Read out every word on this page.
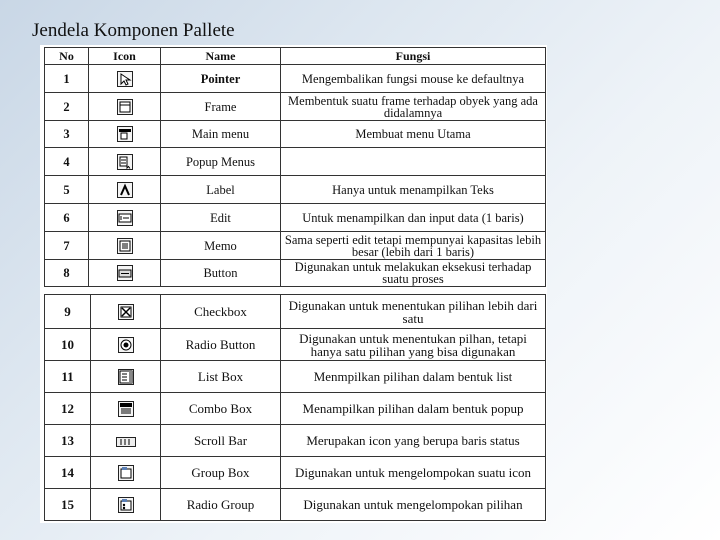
Jendela Komponen Pallete
No	Icon	Name	Fungsi
1		Pointer	Mengembalikan fungsi mouse ke defaultnya
2		Frame	Membentuk suatu frame terhadap obyek yang ada didalamnya
3		Main menu	Membuat menu Utama
4		Popup Menus	
5		Label	Hanya untuk menampilkan Teks
6		Edit	Untuk menampilkan dan input data (1 baris)
7		Memo	Sama seperti edit tetapi mempunyai kapasitas lebih besar (lebih dari 1 baris)
8		Button	Digunakan untuk melakukan eksekusi terhadap suatu proses
9		Checkbox	Digunakan untuk menentukan pilihan lebih dari satu
10		Radio Button	Digunakan untuk menentukan pilhan, tetapi hanya satu pilihan yang bisa digunakan
11		List Box	Menmpilkan pilihan dalam bentuk list
12		Combo Box	Menampilkan pilihan dalam bentuk popup
13		Scroll Bar	Merupakan icon yang berupa baris status
14		Group Box	Digunakan untuk mengelompokan suatu icon
15		Radio Group	Digunakan untuk mengelompokan pilihan
